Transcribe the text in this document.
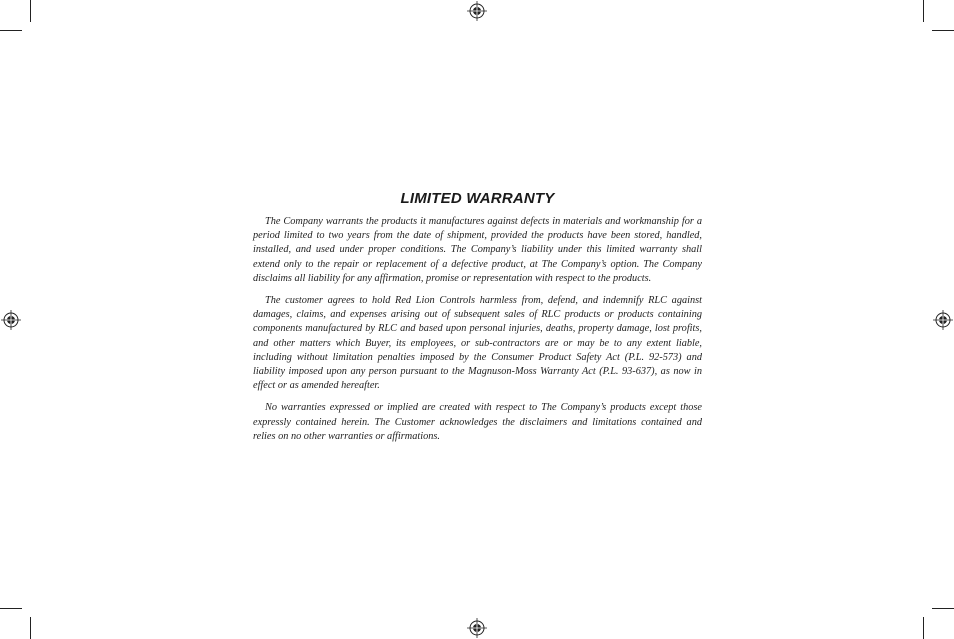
LIMITED WARRANTY

The Company warrants the products it manufactures against defects in materials and workmanship for a period limited to two years from the date of shipment, provided the products have been stored, handled, installed, and used under proper conditions. The Company’s liability under this limited warranty shall extend only to the repair or replacement of a defective product, at The Company’s option. The Company disclaims all liability for any affirmation, promise or representation with respect to the products.

The customer agrees to hold Red Lion Controls harmless from, defend, and indemnify RLC against damages, claims, and expenses arising out of subsequent sales of RLC products or products containing components manufactured by RLC and based upon personal injuries, deaths, property damage, lost profits, and other matters which Buyer, its employees, or sub-contractors are or may be to any extent liable, including without limitation penalties imposed by the Consumer Product Safety Act (P.L. 92-573) and liability imposed upon any person pursuant to the Magnuson-Moss Warranty Act (P.L. 93-637), as now in effect or as amended hereafter.

No warranties expressed or implied are created with respect to The Company’s products except those expressly contained herein. The Customer acknowledges the disclaimers and limitations contained and relies on no other warranties or affirmations.
